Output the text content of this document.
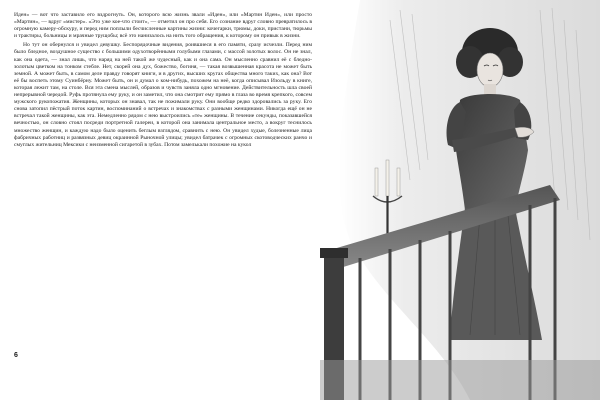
Иден» — вот что заставило его вздрогнуть. Он, которого всю жизнь звали «Иден», или «Мартин Иден», или просто «Мартин», — вдруг «мистер». «Это уже кое-что стоит», — отметил он про себя. Его сознание вдруг словно превратилось в огромную камеру-обскуру, и перед ним поплыли бесчисленные картины жизни: кочегарки, трюмы, доки, пристани, тюрьмы и трактиры, больницы и мрачные трущобы; всё это нанизалось на нить того обращения, к которому он привык в жизни.

Но тут он обернулся и увидел девушку. Беспорядочные видения, роившиеся в его памяти, сразу исчезли. Перед ним было бледное, воздушное существо с большими одухотворёнными голубыми глазами, с массой золотых волос. Он не знал, как она одета, — знал лишь, что наряд на ней такой же чудесный, как и она сама. Он мысленно сравнил её с бледно-золотым цветком на тонком стебле. Нет, скорей она дух, божество, богиня, — такая возвышенная красота не может быть земной. А может быть, в самом деле правду говорят книги, и в других, высших кругах общества много таких, как она? Вот её бы воспеть этому Суинбёрну. Может быть, он и думал о ком-нибудь, похожем на неё, когда описывал Изольду в книге, которая лежит там, на столе. Вся эта смена мыслей, образов и чувств заняла одно мгновение. Действительность шла своей непрерывной чередой. Руфь протянула ему руку, и он заметил, что она смотрит ему прямо в глаза во время крепкого, совсем мужского рукопожатия. Женщины, которых он знавал, так не пожимали руку. Они вообще редко здоровались за руку. Его снова затопил пёстрый поток картин, воспоминаний о встречах и знакомствах с разными женщинами. Никогда ещё он не встречал такой женщины, как эта. Немедленно рядом с нею выстроились «те» женщины. В течение секунды, показавшейся вечностью, он словно стоял посреди портретной галереи, в которой она занимала центральное место, а вокруг теснилось множество женщин, и каждую надо было оценить беглым взглядом, сравнить с нею. Он увидел худые, болезненные лица фабричных работниц и развязных девиц окраинной Рыночной улицы; увидел батрачек с огромных скотоводческих ранчо и смуглых жительниц Мексики с неизменной сигаретой в зубах. Потом замелькали похожие на кукол

6
